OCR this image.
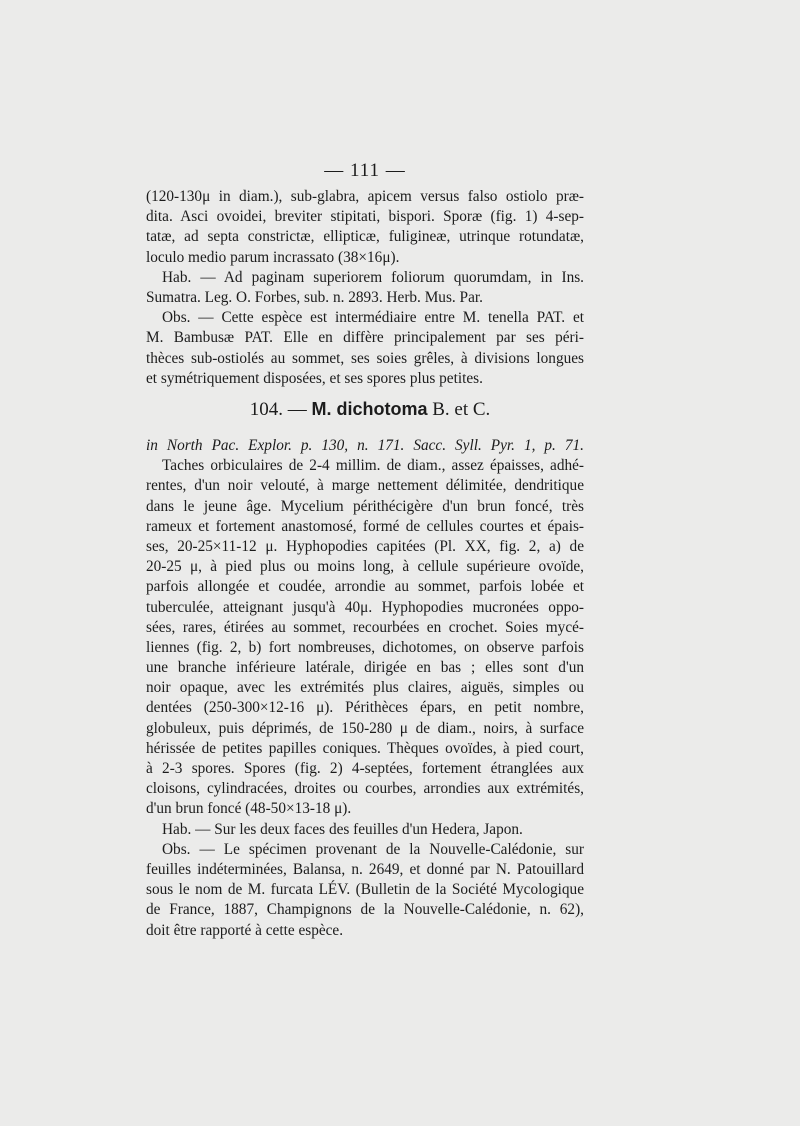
— 111 —
(120-130μ in diam.), sub-glabra, apicem versus falso ostiolo præ-
dita. Asci ovoidei, breviter stipitati, bispori. Sporæ (fig. 1) 4-sep-
tatæ, ad septa constrictæ, ellipticæ, fuligineæ, utrinque rotundatæ,
loculo medio parum incrassato (38×16μ).
Hab. — Ad paginam superiorem foliorum quorumdam, in Ins.
Sumatra. Leg. O. Forbes, sub. n. 2893. Herb. Mus. Par.
Obs. — Cette espèce est intermédiaire entre M. tenella PAT. et
M. Bambusæ PAT. Elle en diffère principalement par ses péri-
thèces sub-ostiolés au sommet, ses soies grêles, à divisions longues
et symétriquement disposées, et ses spores plus petites.
104. — M. dichotoma B. et C.
in North Pac. Explor. p. 130, n. 171. Sacc. Syll. Pyr. 1, p. 71.
Taches orbiculaires de 2-4 millim. de diam., assez épaisses, adhé-
rentes, d'un noir velouté, à marge nettement délimitée, dendritique
dans le jeune âge. Mycelium périthécigère d'un brun foncé, très
rameux et fortement anastomosé, formé de cellules courtes et épais-
ses, 20-25×11-12 μ. Hyphopodies capitées (Pl. XX, fig. 2, a) de
20-25 μ, à pied plus ou moins long, à cellule supérieure ovoïde,
parfois allongée et coudée, arrondie au sommet, parfois lobée et
tuberculée, atteignant jusqu'à 40μ. Hyphopodies mucronées oppo-
sées, rares, étirées au sommet, recourbées en crochet. Soies mycé-
liennes (fig. 2, b) fort nombreuses, dichotomes, on observe parfois
une branche inférieure latérale, dirigée en bas ; elles sont d'un
noir opaque, avec les extrémités plus claires, aiguës, simples ou
dentées (250-300×12-16 μ). Périthèces épars, en petit nombre,
globuleux, puis déprimés, de 150-280 μ de diam., noirs, à surface
hérissée de petites papilles coniques. Thèques ovoïdes, à pied court,
à 2-3 spores. Spores (fig. 2) 4-septées, fortement étranglées aux
cloisons, cylindracées, droites ou courbes, arrondies aux extrémités,
d'un brun foncé (48-50×13-18 μ).
Hab. — Sur les deux faces des feuilles d'un Hedera, Japon.
Obs. — Le spécimen provenant de la Nouvelle-Calédonie, sur
feuilles indéterminées, Balansa, n. 2649, et donné par N. Patouillard
sous le nom de M. furcata LÉV. (Bulletin de la Société Mycologique
de France, 1887, Champignons de la Nouvelle-Calédonie, n. 62),
doit être rapporté à cette espèce.
